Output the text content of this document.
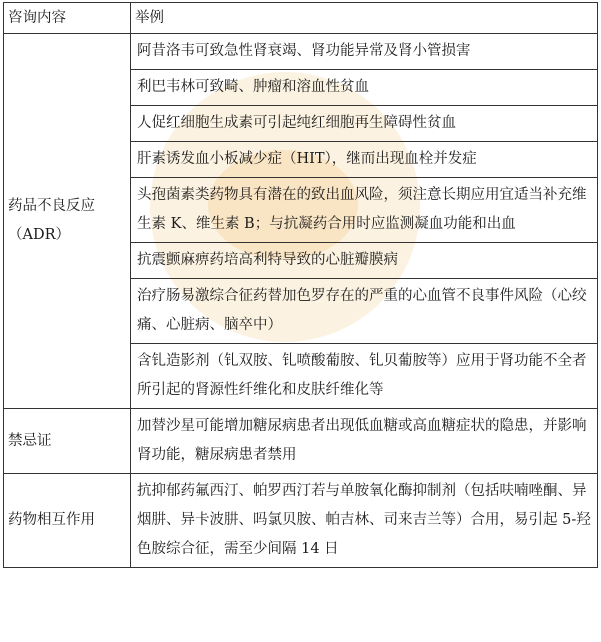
咨询内容	举例

药品不良反应
（ADR）	阿昔洛韦可致急性肾衰竭、肾功能异常及肾小管损害
	利巴韦林可致畸、肿瘤和溶血性贫血
	人促红细胞生成素可引起纯红细胞再生障碍性贫血
	肝素诱发血小板减少症（HIT），继而出现血栓并发症
	头孢菌素类药物具有潜在的致出血风险，须注意长期应用宜适当补充维生素 K、维生素 B；与抗凝药合用时应监测凝血功能和出血
	抗震颤麻痹药培高利特导致的心脏瓣膜病
	治疗肠易激综合征药替加色罗存在的严重的心血管不良事件风险（心绞痛、心脏病、脑卒中）
	含钆造影剂（钆双胺、钆喷酸葡胺、钆贝葡胺等）应用于肾功能不全者所引起的肾源性纤维化和皮肤纤维化等
禁忌证	加替沙星可能增加糖尿病患者出现低血糖或高血糖症状的隐患，并影响肾功能，糖尿病患者禁用
药物相互作用	抗抑郁药氟西汀、帕罗西汀若与单胺氧化酶抑制剂（包括呋喃唑酮、异烟肼、异卡波肼、吗氯贝胺、帕吉林、司来吉兰等）合用，易引起 5-羟色胺综合征，需至少间隔 14 日
